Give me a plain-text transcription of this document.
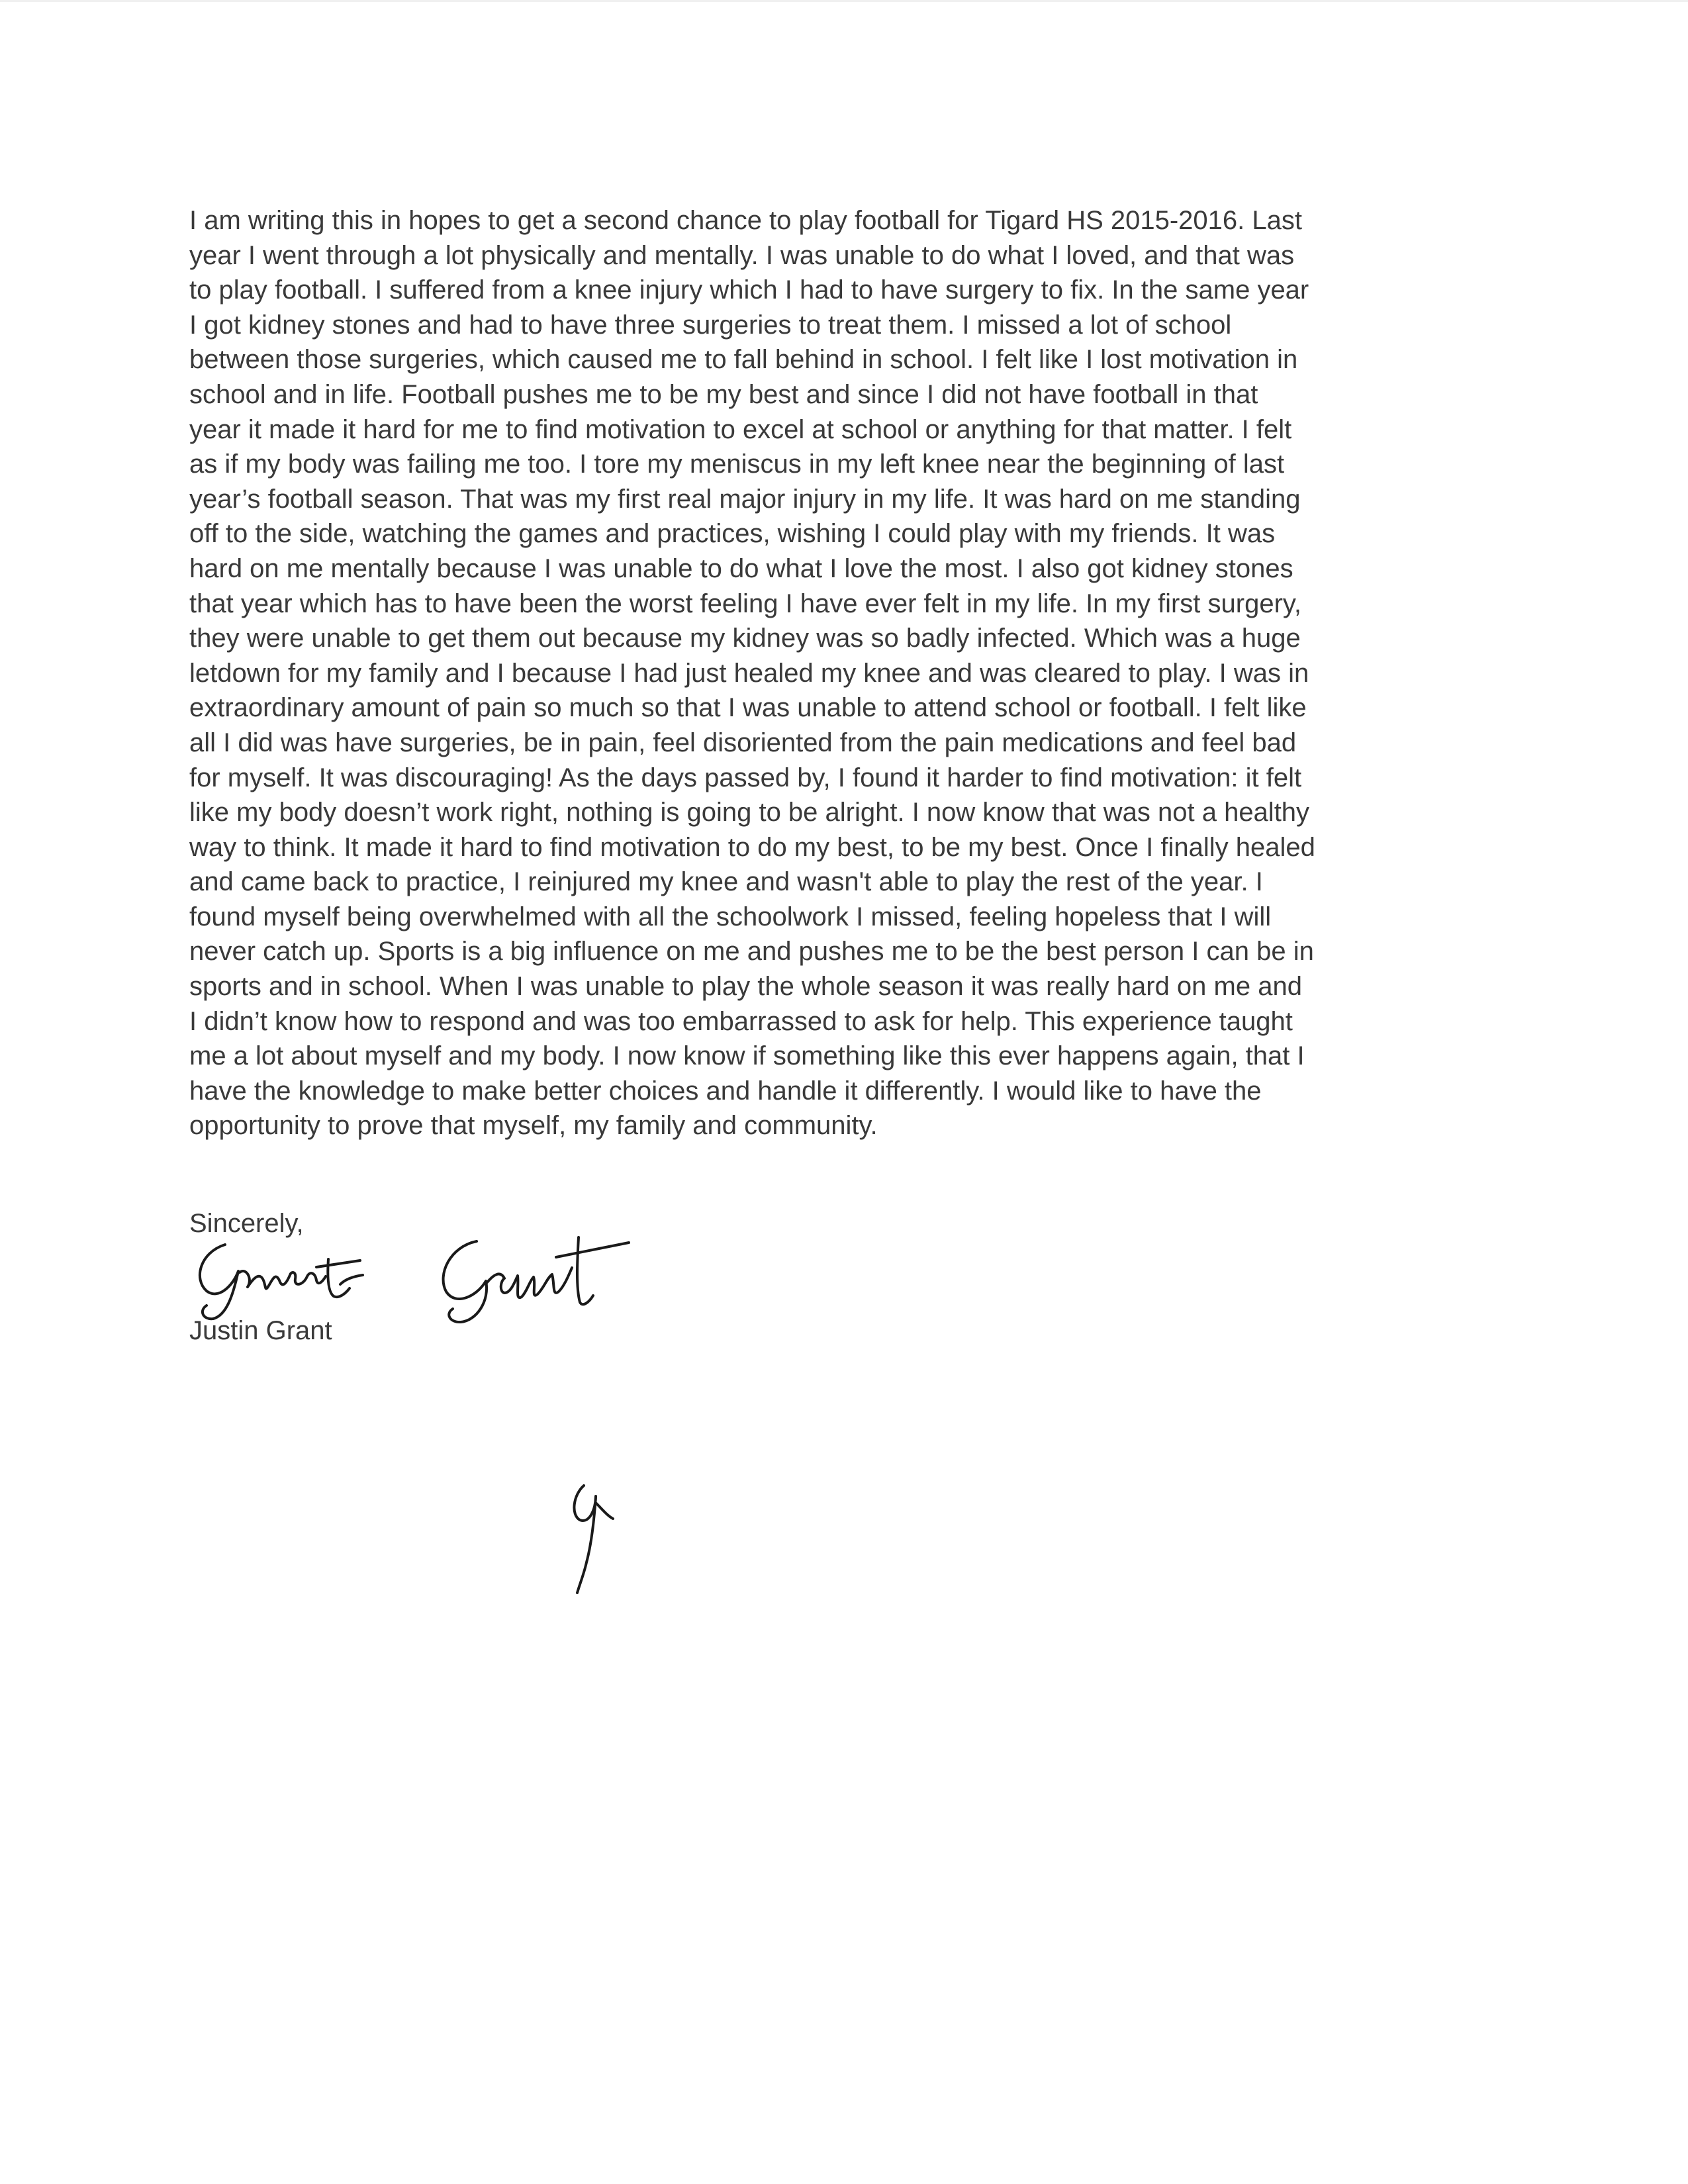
I am writing this in hopes to get a second chance to play football for Tigard HS 2015-2016. Last
year I went through a lot physically and mentally. I was unable to do what I loved, and that was
to play football. I suffered from a knee injury which I had to have surgery to fix. In the same year
I got kidney stones and had to have three surgeries to treat them. I missed a lot of school
between those surgeries, which caused me to fall behind in school. I felt like I lost motivation in
school and in life. Football pushes me to be my best and since I did not have football in that
year it made it hard for me to find motivation to excel at school or anything for that matter. I felt
as if my body was failing me too. I tore my meniscus in my left knee near the beginning of last
year’s football season. That was my first real major injury in my life. It was hard on me standing
off to the side, watching the games and practices, wishing I could play with my friends. It was
hard on me mentally because I was unable to do what I love the most. I also got kidney stones
that year which has to have been the worst feeling I have ever felt in my life. In my first surgery,
they were unable to get them out because my kidney was so badly infected. Which was a huge
letdown for my family and I because I had just healed my knee and was cleared to play. I was in
extraordinary amount of pain so much so that I was unable to attend school or football. I felt like
all I did was have surgeries, be in pain, feel disoriented from the pain medications and feel bad
for myself. It was discouraging! As the days passed by, I found it harder to find motivation: it felt
like my body doesn’t work right, nothing is going to be alright. I now know that was not a healthy
way to think. It made it hard to find motivation to do my best, to be my best. Once I finally healed
and came back to practice, I reinjured my knee and wasn't able to play the rest of the year. I
found myself being overwhelmed with all the schoolwork I missed, feeling hopeless that I will
never catch up. Sports is a big influence on me and pushes me to be the best person I can be in
sports and in school. When I was unable to play the whole season it was really hard on me and
I didn’t know how to respond and was too embarrassed to ask for help. This experience taught
me a lot about myself and my body. I now know if something like this ever happens again, that I
have the knowledge to make better choices and handle it differently. I would like to have the
opportunity to prove that myself, my family and community.
Sincerely,
Justin Grant
